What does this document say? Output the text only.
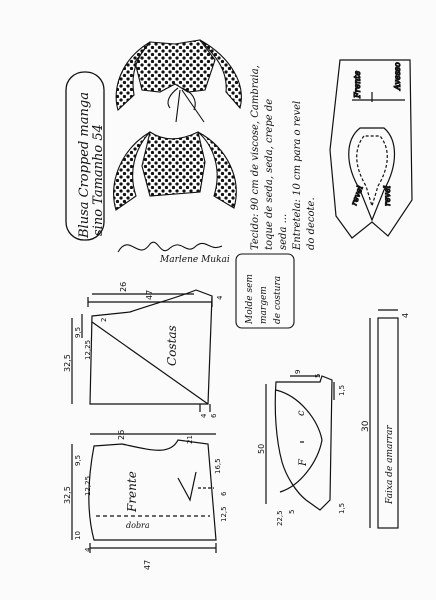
Blusa Cropped manga sino Tamanho 54
Marlene Mukai
Tecido: 90 cm de viscose, Cambraia, toque de seda, seda, crepe de seda ... Entretela: 10 cm para o revel do decote.
revel revel
Frente	Avesso
Costas
47
26
32,5
9,5
12,25
2
4
4 6
Molde sem margem de costura
Frente
dobra
47
26
32,5
9,5
12,25
21
16,5
6
12,5
10
4
50
9
5
1,5
22,5 5	1,5
c
F	Faixa de amarrar
30
4
